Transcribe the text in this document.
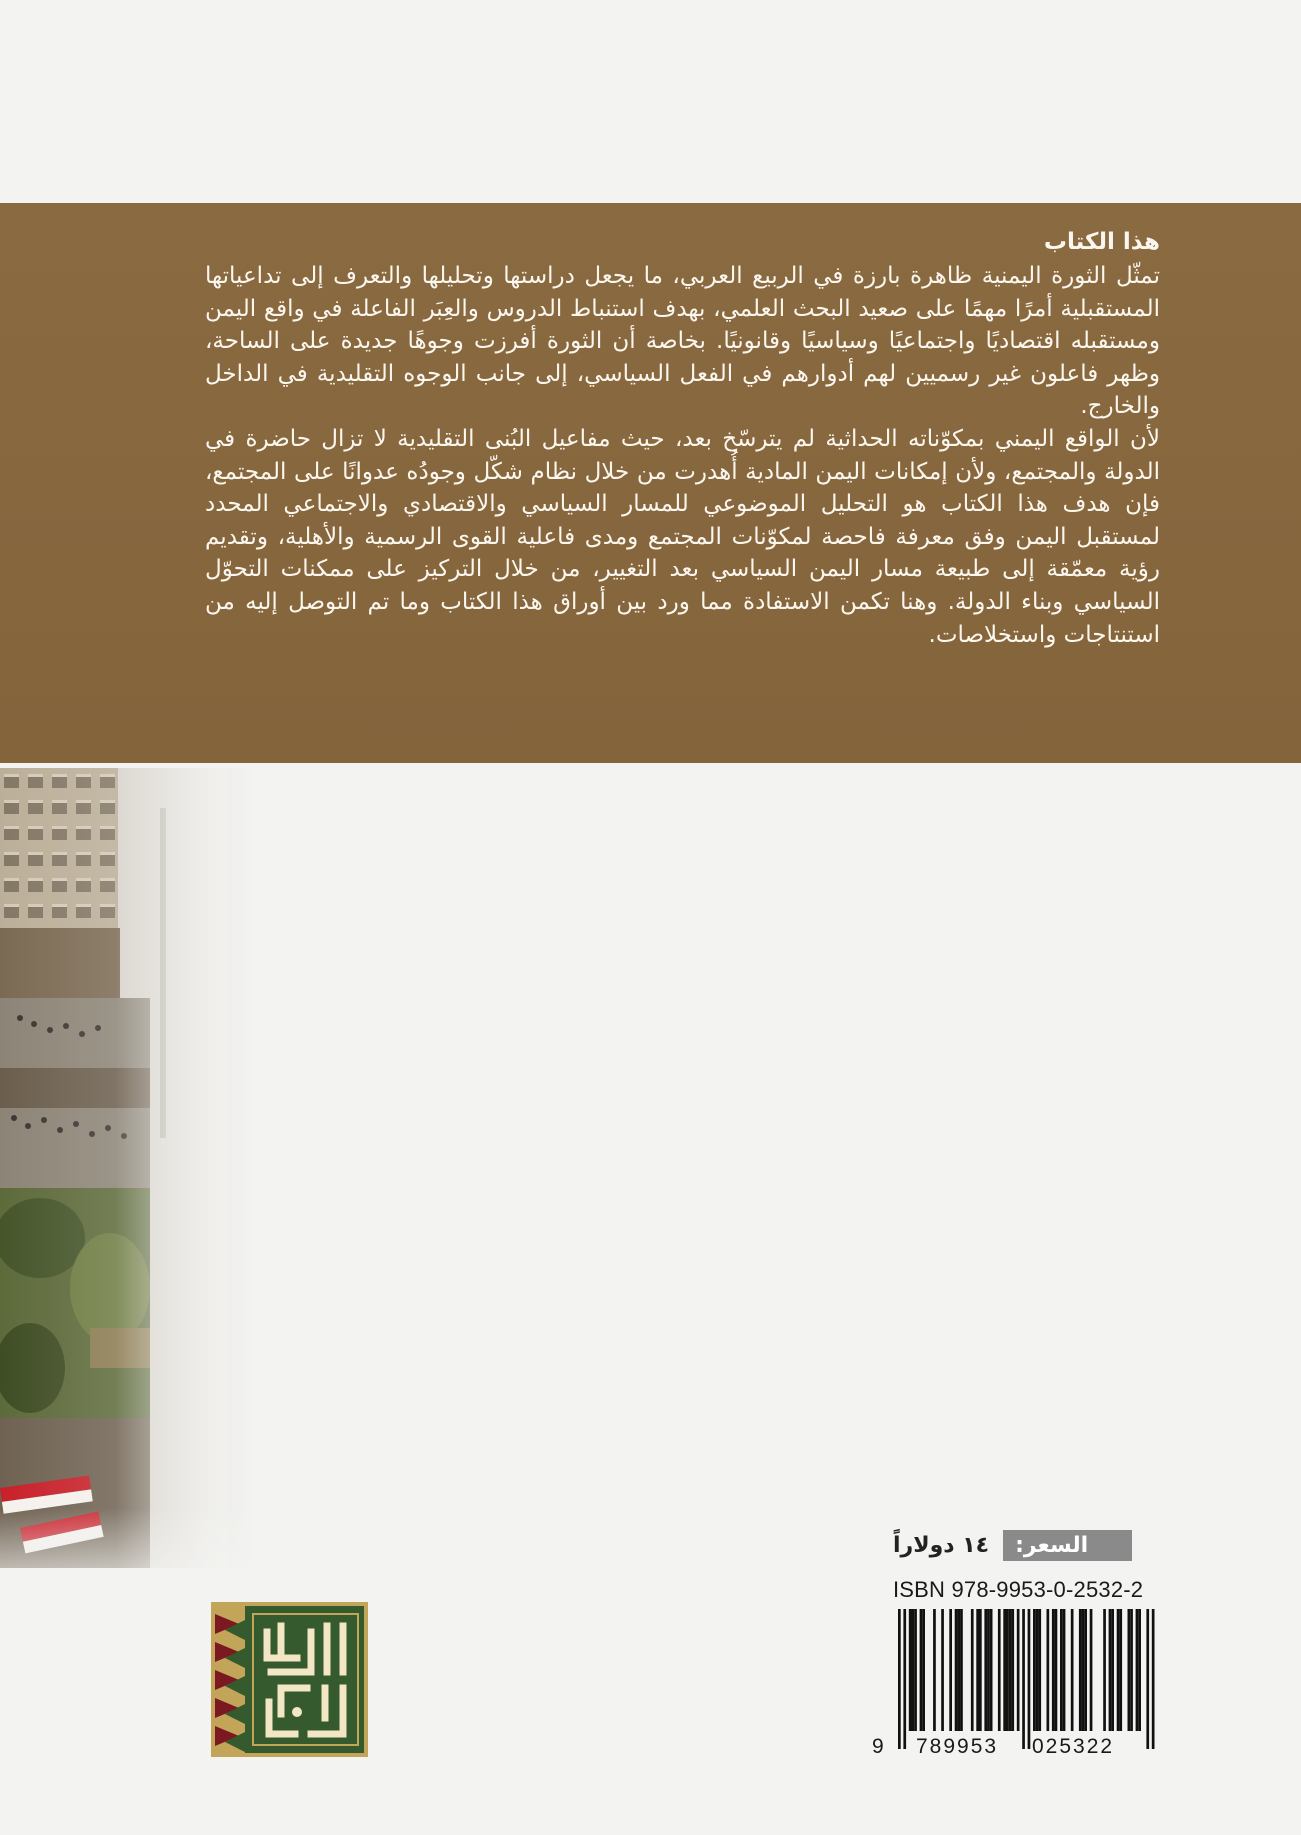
هذا الكتاب

تمثّل الثورة اليمنية ظاهرة بارزة في الربيع العربي، ما يجعل دراستها وتحليلها والتعرف إلى تداعياتها المستقبلية أمرًا مهمًا على صعيد البحث العلمي، بهدف استنباط الدروس والعِبَر الفاعلة في واقع اليمن ومستقبله اقتصاديًا واجتماعيًا وسياسيًا وقانونيًا. بخاصة أن الثورة أفرزت وجوهًا جديدة على الساحة، وظهر فاعلون غير رسميين لهم أدوارهم في الفعل السياسي، إلى جانب الوجوه التقليدية في الداخل والخارج.

لأن الواقع اليمني بمكوّناته الحداثية لم يترسّخ بعد، حيث مفاعيل البُنى التقليدية لا تزال حاضرة في الدولة والمجتمع، ولأن إمكانات اليمن المادية أُهدرت من خلال نظام شكّل وجودُه عدوانًا على المجتمع، فإن هدف هذا الكتاب هو التحليل الموضوعي للمسار السياسي والاقتصادي والاجتماعي المحدد لمستقبل اليمن وفق معرفة فاحصة لمكوّنات المجتمع ومدى فاعلية القوى الرسمية والأهلية، وتقديم رؤية معمّقة إلى طبيعة مسار اليمن السياسي بعد التغيير، من خلال التركيز على ممكنات التحوّل السياسي وبناء الدولة. وهنا تكمن الاستفادة مما ورد بين أوراق هذا الكتاب وما تم التوصل إليه من استنتاجات واستخلاصات.

السعر:
١٤ دولاراً
ISBN 978-9953-0-2532-2
9 789953 025322
